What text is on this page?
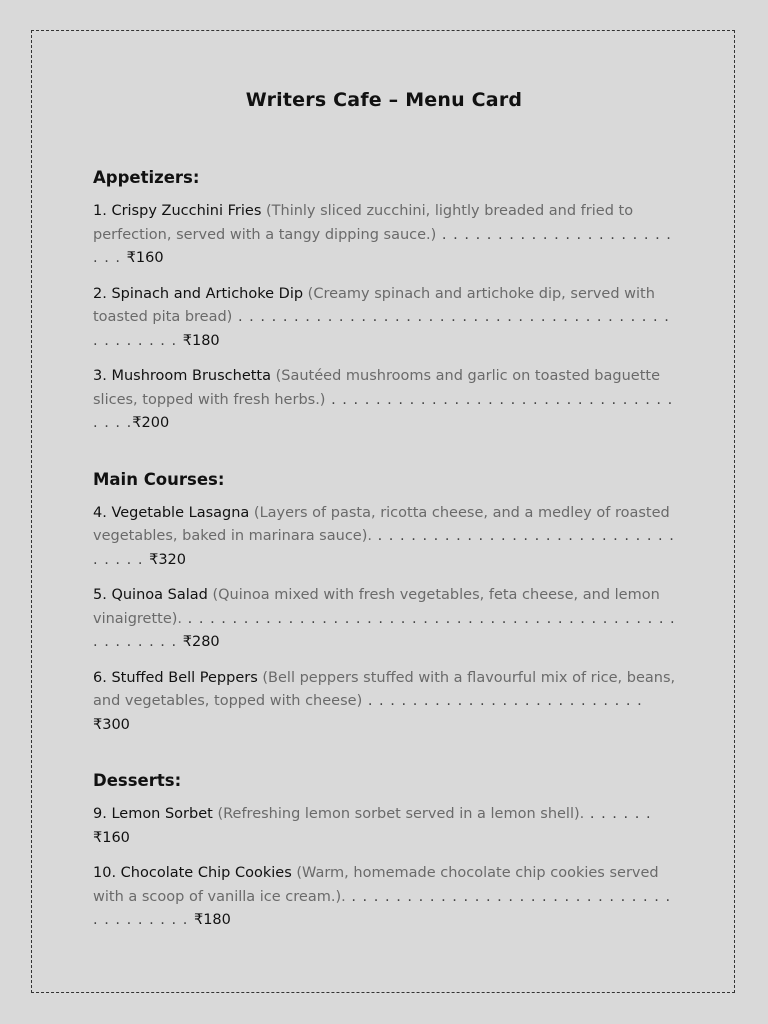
Writers Cafe – Menu Card
Appetizers:
1. Crispy Zucchini Fries (Thinly sliced zucchini, lightly breaded and fried to perfection, served with a tangy dipping sauce.) . . . . . . . . . . . . . . . . . . . . . . . . ₹160
2. Spinach and Artichoke Dip (Creamy spinach and artichoke dip, served with toasted pita bread) . . . . . . . . . . . . . . . . . . . . . . . . . . . . . . . . . . . . . . . . . . . . . . . ₹180
3. Mushroom Bruschetta (Sautéed mushrooms and garlic on toasted baguette slices, topped with fresh herbs.) . . . . . . . . . . . . . . . . . . . . . . . . . . . . . . . . . . .₹200
Main Courses:
4. Vegetable Lasagna (Layers of pasta, ricotta cheese, and a medley of roasted vegetables, baked in marinara sauce). . . . . . . . . . . . . . . . . . . . . . . . . . . . . . . . . ₹320
5. Quinoa Salad (Quinoa mixed with fresh vegetables, feta cheese, and lemon vinaigrette). . . . . . . . . . . . . . . . . . . . . . . . . . . . . . . . . . . . . . . . . . . . . . . . . . . . . ₹280
6. Stuffed Bell Peppers (Bell peppers stuffed with a flavourful mix of rice, beans, and vegetables, topped with cheese) . . . . . . . . . . . . . . . . . . . . . . . . . ₹300
Desserts:
9. Lemon Sorbet (Refreshing lemon sorbet served in a lemon shell). . . . . . . ₹160
10. Chocolate Chip Cookies (Warm, homemade chocolate chip cookies served with a scoop of vanilla ice cream.). . . . . . . . . . . . . . . . . . . . . . . . . . . . . . . . . . . . . . . ₹180
